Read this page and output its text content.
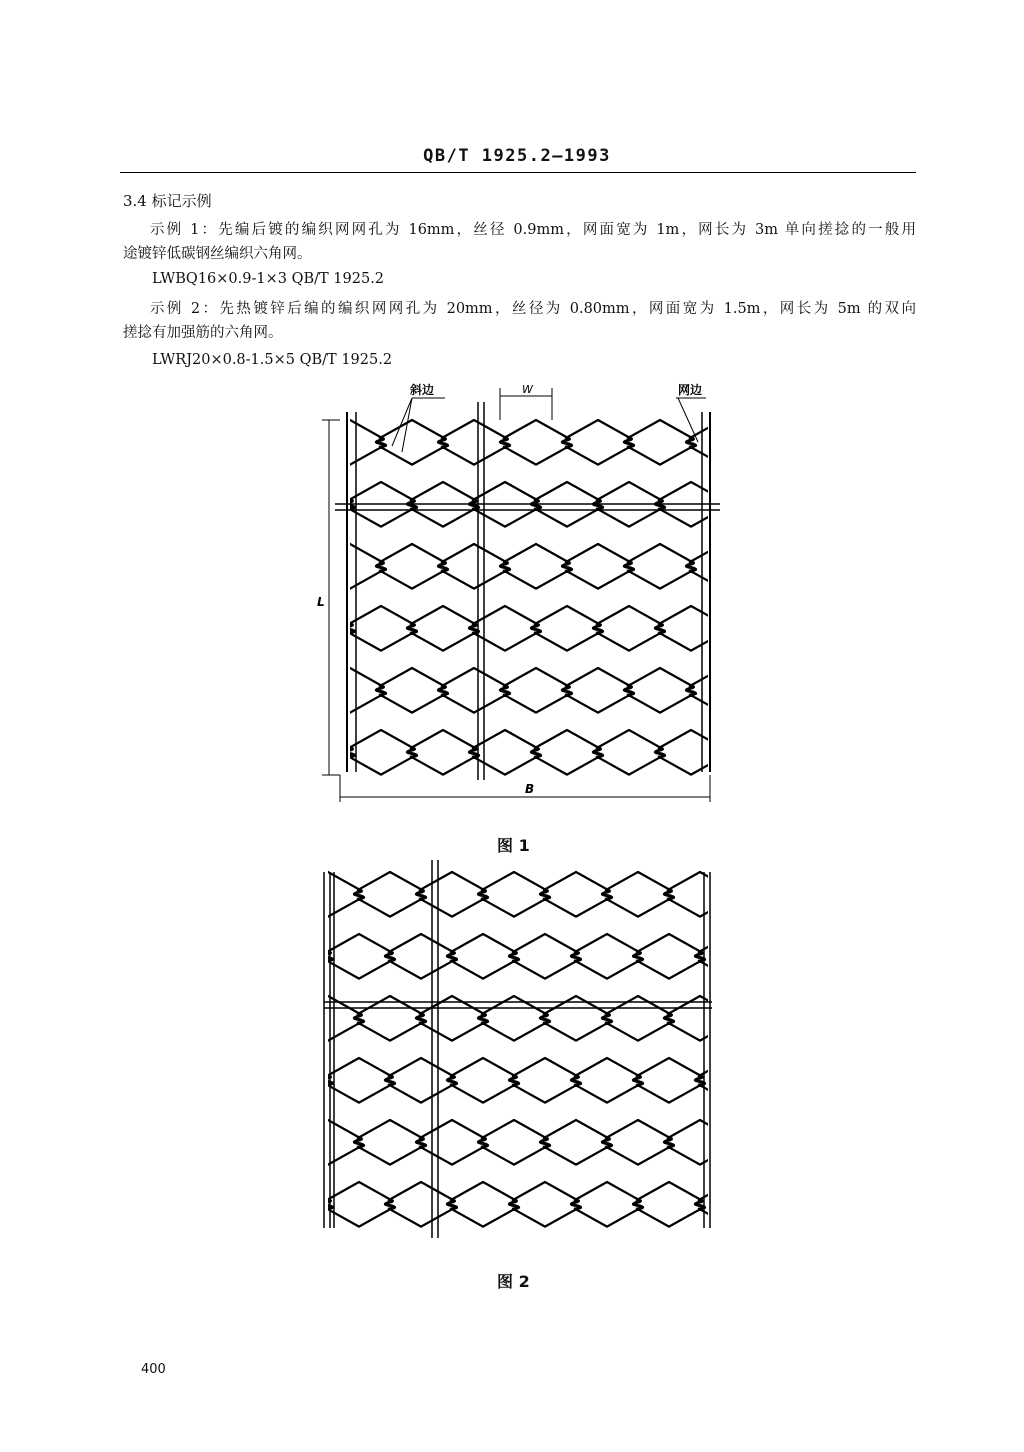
QB/T 1925.2—1993
3.4 标记示例
示例 1：先编后镀的编织网网孔为 16mm，丝径 0.9mm，网面宽为 1m，网长为 3m 单向搓捻的一般用
途镀锌低碳钢丝编织六角网。
LWBQ16×0.9-1×3 QB/T 1925.2
示例 2：先热镀锌后编的编织网网孔为 20mm，丝径为 0.80mm，网面宽为 1.5m，网长为 5m 的双向
搓捻有加强筋的六角网。
LWRJ20×0.8-1.5×5 QB/T 1925.2
L
B
W
斜边	网边
图 1
图 2
400
